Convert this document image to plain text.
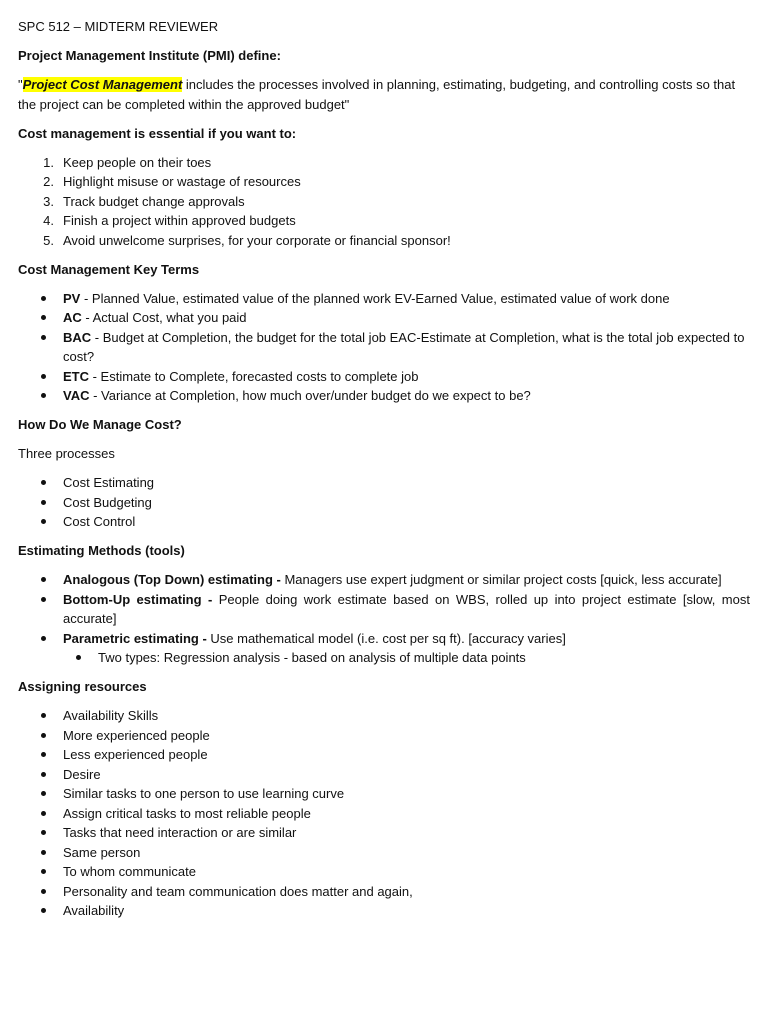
SPC 512 – MIDTERM REVIEWER

Project Management Institute (PMI) define:

"Project Cost Management includes the processes involved in planning, estimating, budgeting, and controlling costs so that the project can be completed within the approved budget"

Cost management is essential if you want to:

1. Keep people on their toes
2. Highlight misuse or wastage of resources
3. Track budget change approvals
4. Finish a project within approved budgets
5. Avoid unwelcome surprises, for your corporate or financial sponsor!

Cost Management Key Terms

PV - Planned Value, estimated value of the planned work EV-Earned Value, estimated value of work done
AC - Actual Cost, what you paid
BAC - Budget at Completion, the budget for the total job EAC-Estimate at Completion, what is the total job expected to cost?
ETC - Estimate to Complete, forecasted costs to complete job
VAC - Variance at Completion, how much over/under budget do we expect to be?

How Do We Manage Cost?

Three processes

Cost Estimating
Cost Budgeting
Cost Control

Estimating Methods (tools)

Analogous (Top Down) estimating - Managers use expert judgment or similar project costs [quick, less accurate]
Bottom-Up estimating - People doing work estimate based on WBS, rolled up into project estimate [slow, most accurate]
Parametric estimating - Use mathematical model (i.e. cost per sq ft). [accuracy varies]
Two types: Regression analysis - based on analysis of multiple data points

Assigning resources

Availability Skills
More experienced people
Less experienced people
Desire
Similar tasks to one person to use learning curve
Assign critical tasks to most reliable people
Tasks that need interaction or are similar
Same person
To whom communicate
Personality and team communication does matter and again,
Availability
